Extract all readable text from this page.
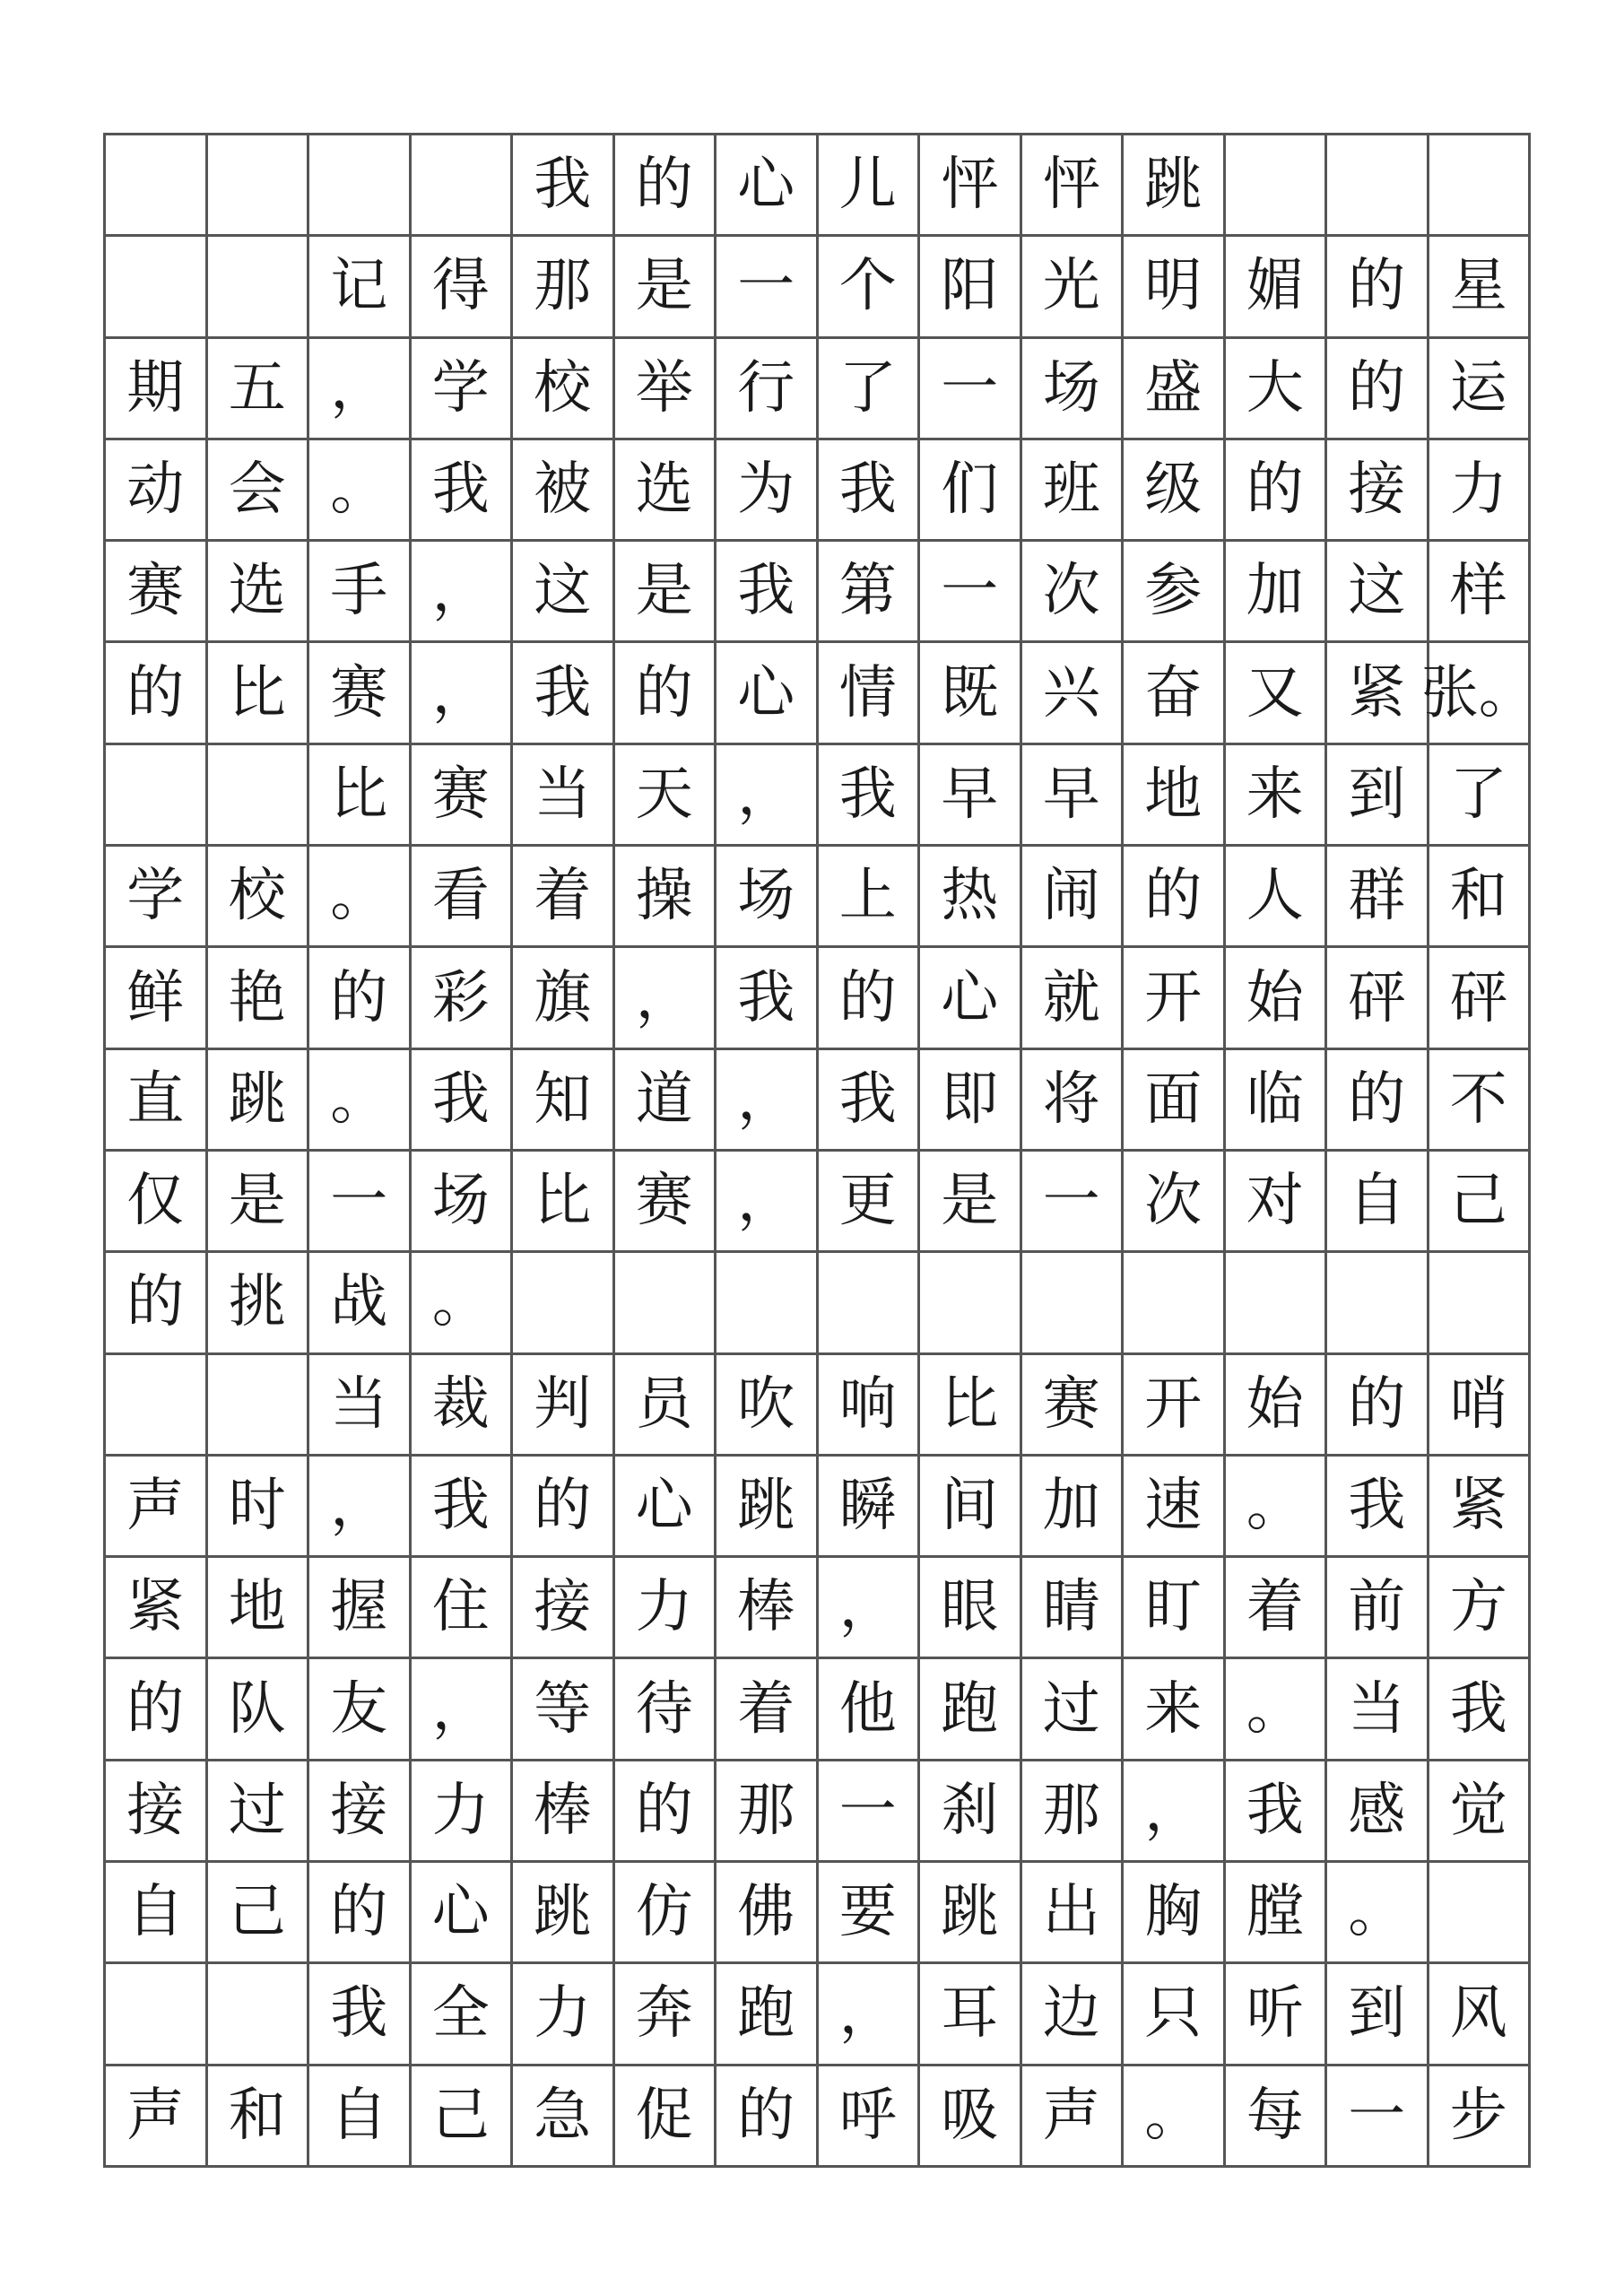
我 的 心 儿 怦 怦 跳
记 得 那 是 一 个 阳 光 明 媚 的 星
期 五 ， 学 校 举 行 了 一 场 盛 大 的 运
动 会 。 我 被 选 为 我 们 班 级 的 接 力
赛 选 手 ， 这 是 我 第 一 次 参 加 这 样
的 比 赛 ， 我 的 心 情 既 兴 奋 又 紧 张。
比 赛 当 天 ， 我 早 早 地 来 到 了
学 校 。 看 着 操 场 上 热 闹 的 人 群 和
鲜 艳 的 彩 旗 ， 我 的 心 就 开 始 砰 砰
直 跳 。 我 知 道 ， 我 即 将 面 临 的 不
仅 是 一 场 比 赛 ， 更 是 一 次 对 自 己
的 挑 战 。
当 裁 判 员 吹 响 比 赛 开 始 的 哨
声 时 ， 我 的 心 跳 瞬 间 加 速 。 我 紧
紧 地 握 住 接 力 棒 ， 眼 睛 盯 着 前 方
的 队 友 ， 等 待 着 他 跑 过 来 。 当 我
接 过 接 力 棒 的 那 一 刹 那 ， 我 感 觉
自 己 的 心 跳 仿 佛 要 跳 出 胸 膛 。
我 全 力 奔 跑 ， 耳 边 只 听 到 风
声 和 自 己 急 促 的 呼 吸 声 。 每 一 步
